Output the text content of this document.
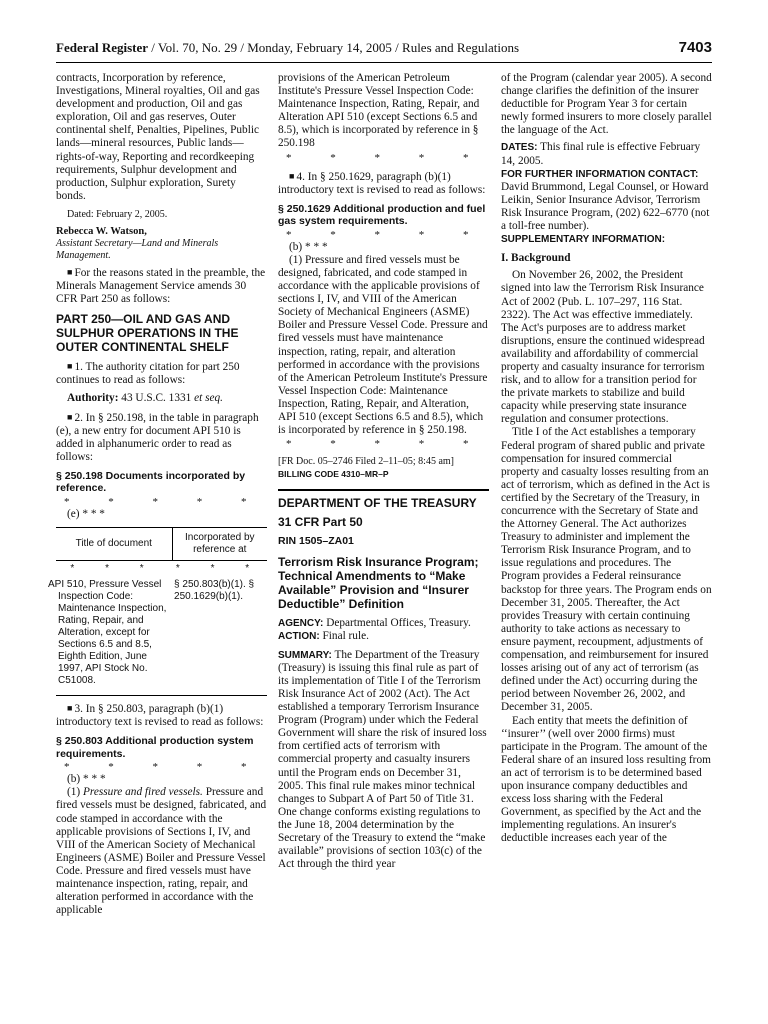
Federal Register / Vol. 70, No. 29 / Monday, February 14, 2005 / Rules and Regulations	7403

contracts, Incorporation by reference, Investigations, Mineral royalties, Oil and gas development and production, Oil and gas exploration, Oil and gas reserves, Outer continental shelf, Penalties, Pipelines, Public lands—mineral resources, Public lands—rights-of-way, Reporting and recordkeeping requirements, Sulphur development and production, Sulphur exploration, Surety bonds.

Dated: February 2, 2005.

Rebecca W. Watson,

Assistant Secretary—Land and Minerals Management.

■ For the reasons stated in the preamble, the Minerals Management Service amends 30 CFR Part 250 as follows:

PART 250—OIL AND GAS AND SULPHUR OPERATIONS IN THE OUTER CONTINENTAL SHELF

■ 1. The authority citation for part 250 continues to read as follows:

Authority: 43 U.S.C. 1331 et seq.

■ 2. In § 250.198, in the table in paragraph (e), a new entry for document API 510 is added in alphanumeric order to read as follows:

§ 250.198 Documents incorporated by reference.

* * * * *

(e) * * *

Title of document	Incorporated by reference at
* * *	* * *
API 510, Pressure Vessel Inspection Code: Maintenance Inspection, Rating, Repair, and Alteration, except for Sections 6.5 and 8.5, Eighth Edition, June 1997, API Stock No. C51008.	§ 250.803(b)(1). § 250.1629(b)(1).

■ 3. In § 250.803, paragraph (b)(1) introductory text is revised to read as follows:

§ 250.803 Additional production system requirements.

* * * * *

(b) * * *

(1) Pressure and fired vessels. Pressure and fired vessels must be designed, fabricated, and code stamped in accordance with the applicable provisions of Sections I, IV, and VIII of the American Society of Mechanical Engineers (ASME) Boiler and Pressure Vessel Code. Pressure and fired vessels must have maintenance inspection, rating, repair, and alteration performed in accordance with the applicable

provisions of the American Petroleum Institute's Pressure Vessel Inspection Code: Maintenance Inspection, Rating, Repair, and Alteration API 510 (except Sections 6.5 and 8.5), which is incorporated by reference in § 250.198

* * * * *

■ 4. In § 250.1629, paragraph (b)(1) introductory text is revised to read as follows:

§ 250.1629 Additional production and fuel gas system requirements.

* * * * *

(b) * * *

(1) Pressure and fired vessels must be designed, fabricated, and code stamped in accordance with the applicable provisions of sections I, IV, and VIII of the American Society of Mechanical Engineers (ASME) Boiler and Pressure Vessel Code. Pressure and fired vessels must have maintenance inspection, rating, repair, and alteration performed in accordance with the provisions of the American Petroleum Institute's Pressure Vessel Inspection Code: Maintenance Inspection, Rating, Repair, and Alteration, API 510 (except Sections 6.5 and 8.5), which is incorporated by reference in § 250.198.

* * * * *

[FR Doc. 05–2746 Filed 2–11–05; 8:45 am]

BILLING CODE 4310–MR–P

DEPARTMENT OF THE TREASURY

31 CFR Part 50

RIN 1505–ZA01

Terrorism Risk Insurance Program; Technical Amendments to “Make Available” Provision and “Insurer Deductible” Definition

AGENCY: Departmental Offices, Treasury.

ACTION: Final rule.

SUMMARY: The Department of the Treasury (Treasury) is issuing this final rule as part of its implementation of Title I of the Terrorism Risk Insurance Act of 2002 (Act). The Act established a temporary Terrorism Insurance Program (Program) under which the Federal Government will share the risk of insured loss from certified acts of terrorism with commercial property and casualty insurers until the Program ends on December 31, 2005. This final rule makes minor technical changes to Subpart A of Part 50 of Title 31. One change conforms existing regulations to the June 18, 2004 determination by the Secretary of the Treasury to extend the “make available” provisions of section 103(c) of the Act through the third year

of the Program (calendar year 2005). A second change clarifies the definition of the insurer deductible for Program Year 3 for certain newly formed insurers to more closely parallel the language of the Act.

DATES: This final rule is effective February 14, 2005.

FOR FURTHER INFORMATION CONTACT:

David Brummond, Legal Counsel, or Howard Leikin, Senior Insurance Advisor, Terrorism Risk Insurance Program, (202) 622–6770 (not a toll-free number).

SUPPLEMENTARY INFORMATION:

I. Background

On November 26, 2002, the President signed into law the Terrorism Risk Insurance Act of 2002 (Pub. L. 107–297, 116 Stat. 2322). The Act was effective immediately. The Act's purposes are to address market disruptions, ensure the continued widespread availability and affordability of commercial property and casualty insurance for terrorism risk, and to allow for a transition period for the private markets to stabilize and build capacity while preserving state insurance regulation and consumer protections.

Title I of the Act establishes a temporary Federal program of shared public and private compensation for insured commercial property and casualty losses resulting from an act of terrorism, which as defined in the Act is certified by the Secretary of the Treasury, in concurrence with the Secretary of State and the Attorney General. The Act authorizes Treasury to administer and implement the Terrorism Risk Insurance Program, and to issue regulations and procedures. The Program provides a Federal reinsurance backstop for three years. The Program ends on December 31, 2005. Thereafter, the Act provides Treasury with certain continuing authority to take actions as necessary to ensure payment, recoupment, adjustments of compensation, and reimbursement for insured losses arising out of any act of terrorism (as defined under the Act) occurring during the period between November 26, 2002, and December 31, 2005.

Each entity that meets the definition of ‘‘insurer’’ (well over 2000 firms) must participate in the Program. The amount of the Federal share of an insured loss resulting from an act of terrorism is to be determined based upon insurance company deductibles and excess loss sharing with the Federal Government, as specified by the Act and the implementing regulations. An insurer's deductible increases each year of the
